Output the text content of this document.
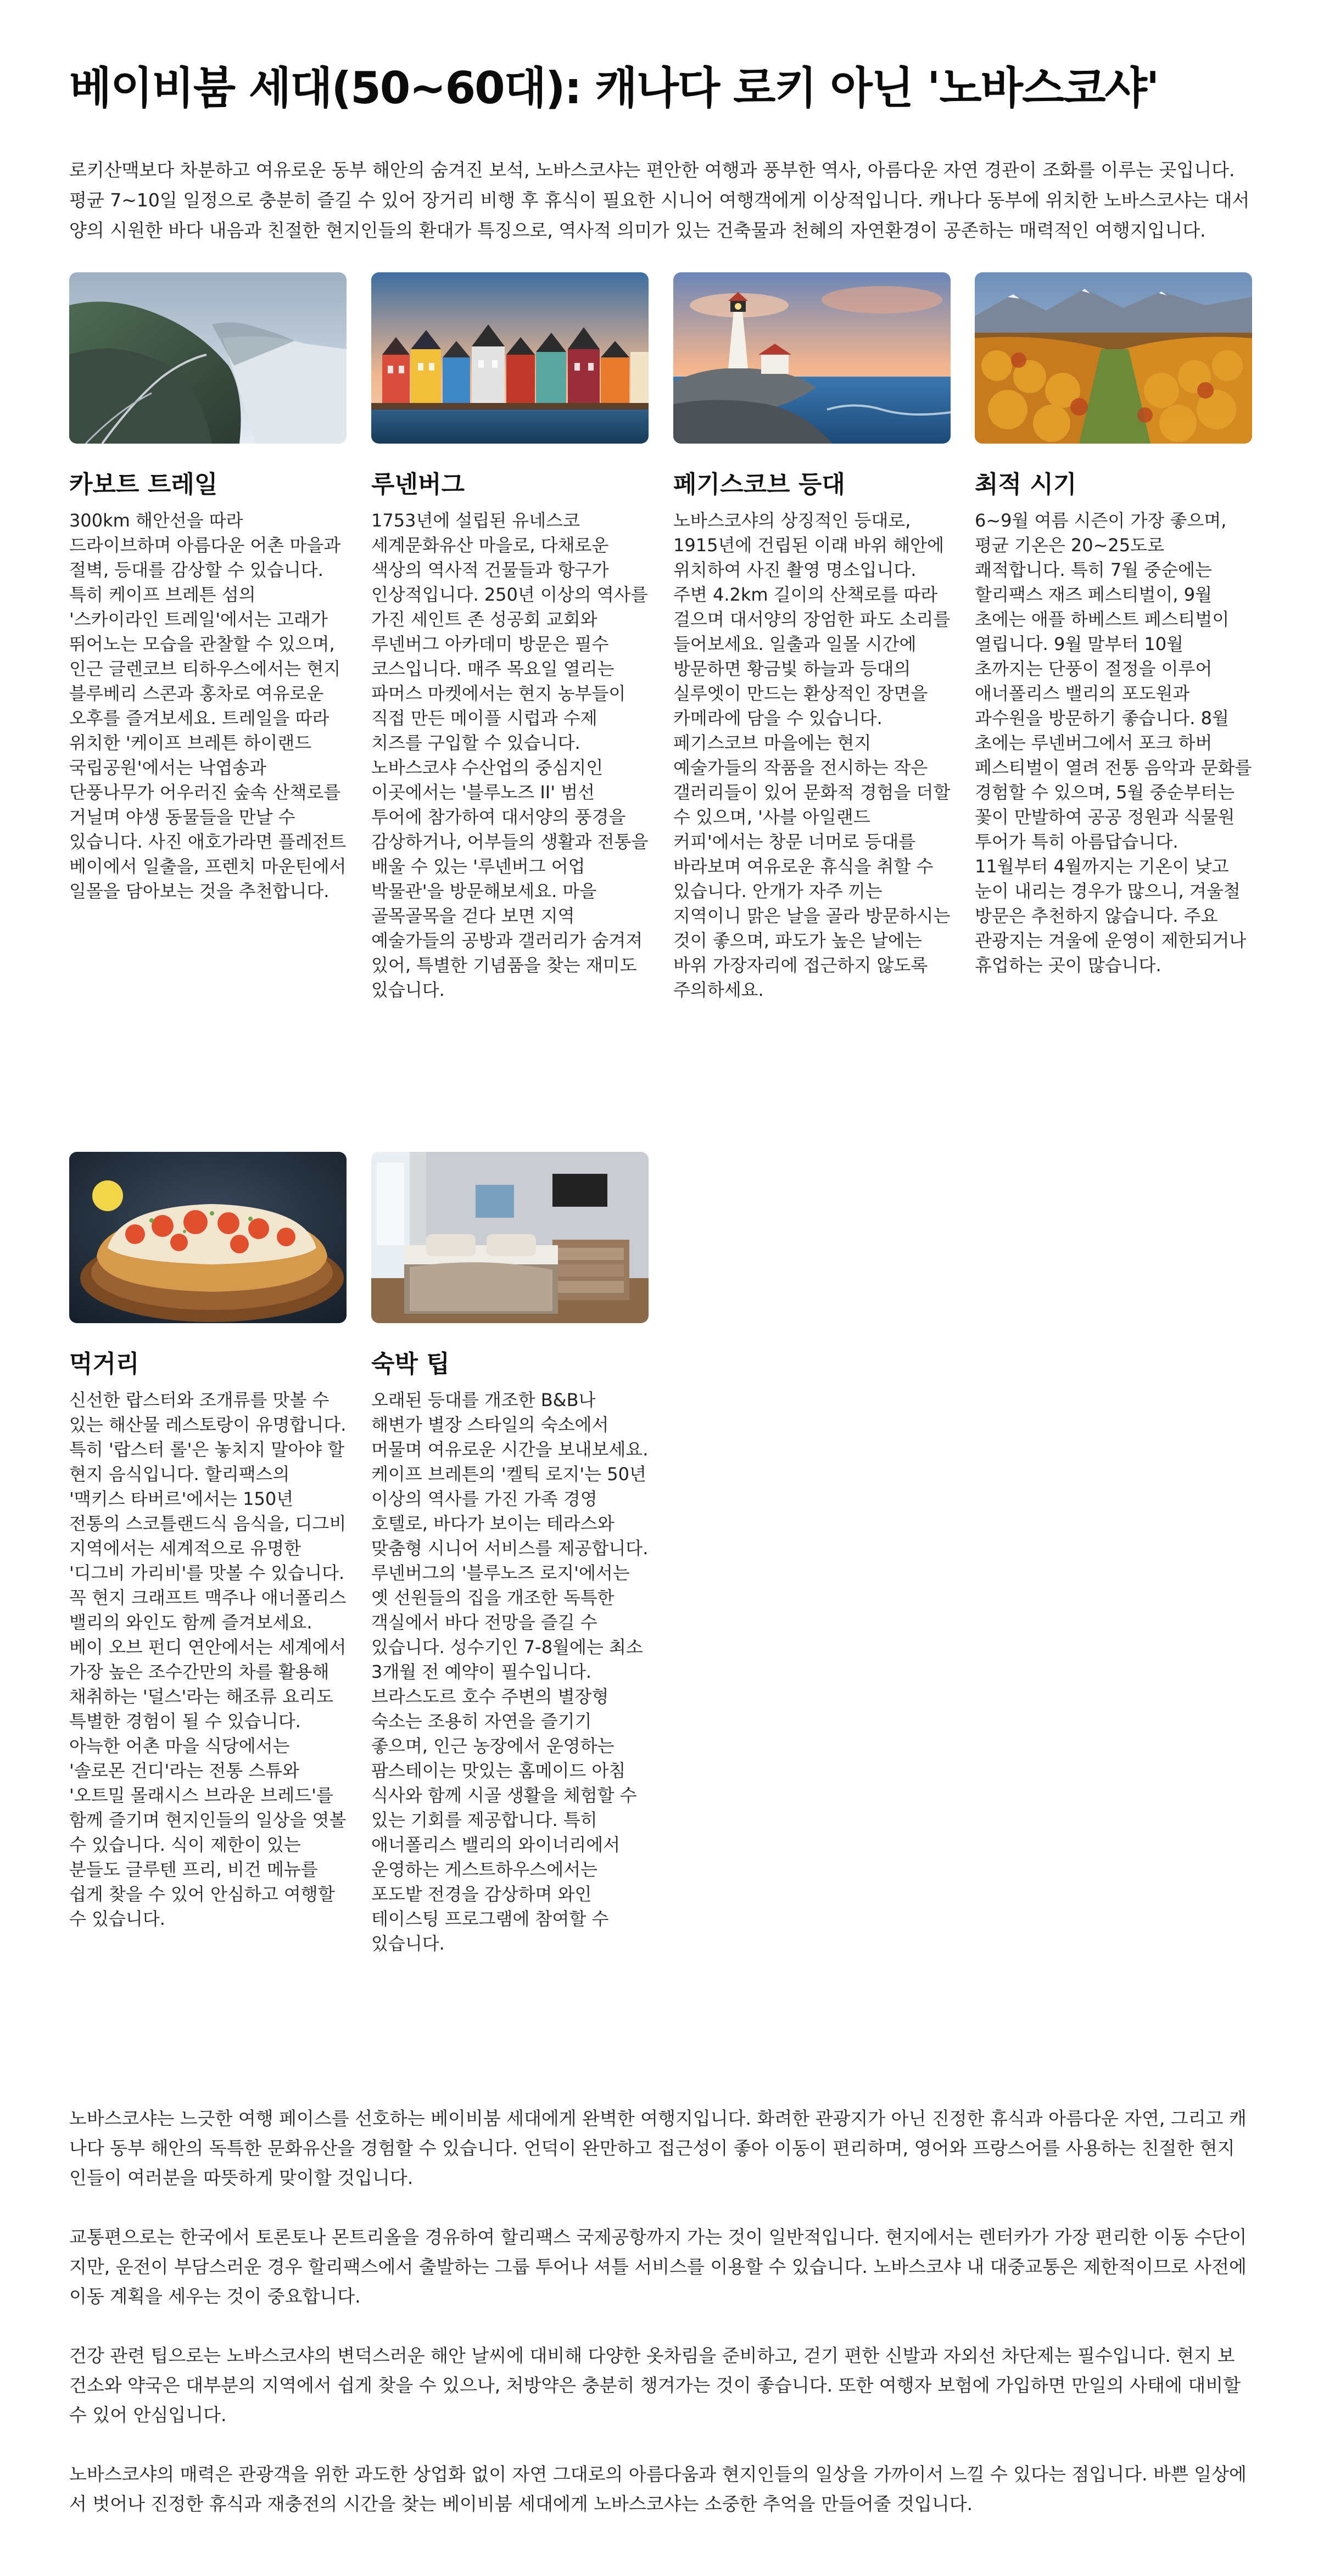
베이비붐 세대(50~60대): 캐나다 로키 아닌 '노바스코샤'

로키산맥보다 차분하고 여유로운 동부 해안의 숨겨진 보석, 노바스코샤는 편안한 여행과 풍부한 역사, 아름다운 자연 경관이 조화를 이루는 곳입니다. 평균 7~10일 일정으로 충분히 즐길 수 있어 장거리 비행 후 휴식이 필요한 시니어 여행객에게 이상적입니다. 캐나다 동부에 위치한 노바스코샤는 대서양의 시원한 바다 내음과 친절한 현지인들의 환대가 특징으로, 역사적 의미가 있는 건축물과 천혜의 자연환경이 공존하는 매력적인 여행지입니다.

카보트 트레일

300km 해안선을 따라 드라이브하며 아름다운 어촌 마을과 절벽, 등대를 감상할 수 있습니다. 특히 케이프 브레튼 섬의 '스카이라인 트레일'에서는 고래가 뛰어노는 모습을 관찰할 수 있으며, 인근 글렌코브 티하우스에서는 현지 블루베리 스콘과 홍차로 여유로운 오후를 즐겨보세요. 트레일을 따라 위치한 '케이프 브레튼 하이랜드 국립공원'에서는 낙엽송과 단풍나무가 어우러진 숲속 산책로를 거닐며 야생 동물들을 만날 수 있습니다. 사진 애호가라면 플레전트 베이에서 일출을, 프렌치 마운틴에서 일몰을 담아보는 것을 추천합니다.

루넨버그

1753년에 설립된 유네스코 세계문화유산 마을로, 다채로운 색상의 역사적 건물들과 항구가 인상적입니다. 250년 이상의 역사를 가진 세인트 존 성공회 교회와 루넨버그 아카데미 방문은 필수 코스입니다. 매주 목요일 열리는 파머스 마켓에서는 현지 농부들이 직접 만든 메이플 시럽과 수제 치즈를 구입할 수 있습니다. 노바스코샤 수산업의 중심지인 이곳에서는 '블루노즈 II' 범선 투어에 참가하여 대서양의 풍경을 감상하거나, 어부들의 생활과 전통을 배울 수 있는 '루넨버그 어업 박물관'을 방문해보세요. 마을 골목골목을 걷다 보면 지역 예술가들의 공방과 갤러리가 숨겨져 있어, 특별한 기념품을 찾는 재미도 있습니다.

페기스코브 등대

노바스코샤의 상징적인 등대로, 1915년에 건립된 이래 바위 해안에 위치하여 사진 촬영 명소입니다. 주변 4.2km 길이의 산책로를 따라 걸으며 대서양의 장엄한 파도 소리를 들어보세요. 일출과 일몰 시간에 방문하면 황금빛 하늘과 등대의 실루엣이 만드는 환상적인 장면을 카메라에 담을 수 있습니다. 페기스코브 마을에는 현지 예술가들의 작품을 전시하는 작은 갤러리들이 있어 문화적 경험을 더할 수 있으며, '사블 아일랜드 커피'에서는 창문 너머로 등대를 바라보며 여유로운 휴식을 취할 수 있습니다. 안개가 자주 끼는 지역이니 맑은 날을 골라 방문하시는 것이 좋으며, 파도가 높은 날에는 바위 가장자리에 접근하지 않도록 주의하세요.

최적 시기

6~9월 여름 시즌이 가장 좋으며, 평균 기온은 20~25도로 쾌적합니다. 특히 7월 중순에는 할리팩스 재즈 페스티벌이, 9월 초에는 애플 하베스트 페스티벌이 열립니다. 9월 말부터 10월 초까지는 단풍이 절정을 이루어 애너폴리스 밸리의 포도원과 과수원을 방문하기 좋습니다. 8월 초에는 루넨버그에서 포크 하버 페스티벌이 열려 전통 음악과 문화를 경험할 수 있으며, 5월 중순부터는 꽃이 만발하여 공공 정원과 식물원 투어가 특히 아름답습니다. 11월부터 4월까지는 기온이 낮고 눈이 내리는 경우가 많으니, 겨울철 방문은 추천하지 않습니다. 주요 관광지는 겨울에 운영이 제한되거나 휴업하는 곳이 많습니다.

먹거리

신선한 랍스터와 조개류를 맛볼 수 있는 해산물 레스토랑이 유명합니다. 특히 '랍스터 롤'은 놓치지 말아야 할 현지 음식입니다. 할리팩스의 '맥키스 타버르'에서는 150년 전통의 스코틀랜드식 음식을, 디그비 지역에서는 세계적으로 유명한 '디그비 가리비'를 맛볼 수 있습니다. 꼭 현지 크래프트 맥주나 애너폴리스 밸리의 와인도 함께 즐겨보세요. 베이 오브 펀디 연안에서는 세계에서 가장 높은 조수간만의 차를 활용해 채취하는 '덜스'라는 해조류 요리도 특별한 경험이 될 수 있습니다. 아늑한 어촌 마을 식당에서는 '솔로몬 건디'라는 전통 스튜와 '오트밀 몰래시스 브라운 브레드'를 함께 즐기며 현지인들의 일상을 엿볼 수 있습니다. 식이 제한이 있는 분들도 글루텐 프리, 비건 메뉴를 쉽게 찾을 수 있어 안심하고 여행할 수 있습니다.

숙박 팁

오래된 등대를 개조한 B&B나 해변가 별장 스타일의 숙소에서 머물며 여유로운 시간을 보내보세요. 케이프 브레튼의 '켈틱 로지'는 50년 이상의 역사를 가진 가족 경영 호텔로, 바다가 보이는 테라스와 맞춤형 시니어 서비스를 제공합니다. 루넨버그의 '블루노즈 로지'에서는 옛 선원들의 집을 개조한 독특한 객실에서 바다 전망을 즐길 수 있습니다. 성수기인 7-8월에는 최소 3개월 전 예약이 필수입니다. 브라스도르 호수 주변의 별장형 숙소는 조용히 자연을 즐기기 좋으며, 인근 농장에서 운영하는 팜스테이는 맛있는 홈메이드 아침 식사와 함께 시골 생활을 체험할 수 있는 기회를 제공합니다. 특히 애너폴리스 밸리의 와이너리에서 운영하는 게스트하우스에서는 포도밭 전경을 감상하며 와인 테이스팅 프로그램에 참여할 수 있습니다.

노바스코샤는 느긋한 여행 페이스를 선호하는 베이비붐 세대에게 완벽한 여행지입니다. 화려한 관광지가 아닌 진정한 휴식과 아름다운 자연, 그리고 캐나다 동부 해안의 독특한 문화유산을 경험할 수 있습니다. 언덕이 완만하고 접근성이 좋아 이동이 편리하며, 영어와 프랑스어를 사용하는 친절한 현지인들이 여러분을 따뜻하게 맞이할 것입니다.

교통편으로는 한국에서 토론토나 몬트리올을 경유하여 할리팩스 국제공항까지 가는 것이 일반적입니다. 현지에서는 렌터카가 가장 편리한 이동 수단이지만, 운전이 부담스러운 경우 할리팩스에서 출발하는 그룹 투어나 셔틀 서비스를 이용할 수 있습니다. 노바스코샤 내 대중교통은 제한적이므로 사전에 이동 계획을 세우는 것이 중요합니다.

건강 관련 팁으로는 노바스코샤의 변덕스러운 해안 날씨에 대비해 다양한 옷차림을 준비하고, 걷기 편한 신발과 자외선 차단제는 필수입니다. 현지 보건소와 약국은 대부분의 지역에서 쉽게 찾을 수 있으나, 처방약은 충분히 챙겨가는 것이 좋습니다. 또한 여행자 보험에 가입하면 만일의 사태에 대비할 수 있어 안심입니다.

노바스코샤의 매력은 관광객을 위한 과도한 상업화 없이 자연 그대로의 아름다움과 현지인들의 일상을 가까이서 느낄 수 있다는 점입니다. 바쁜 일상에서 벗어나 진정한 휴식과 재충전의 시간을 찾는 베이비붐 세대에게 노바스코샤는 소중한 추억을 만들어줄 것입니다.
